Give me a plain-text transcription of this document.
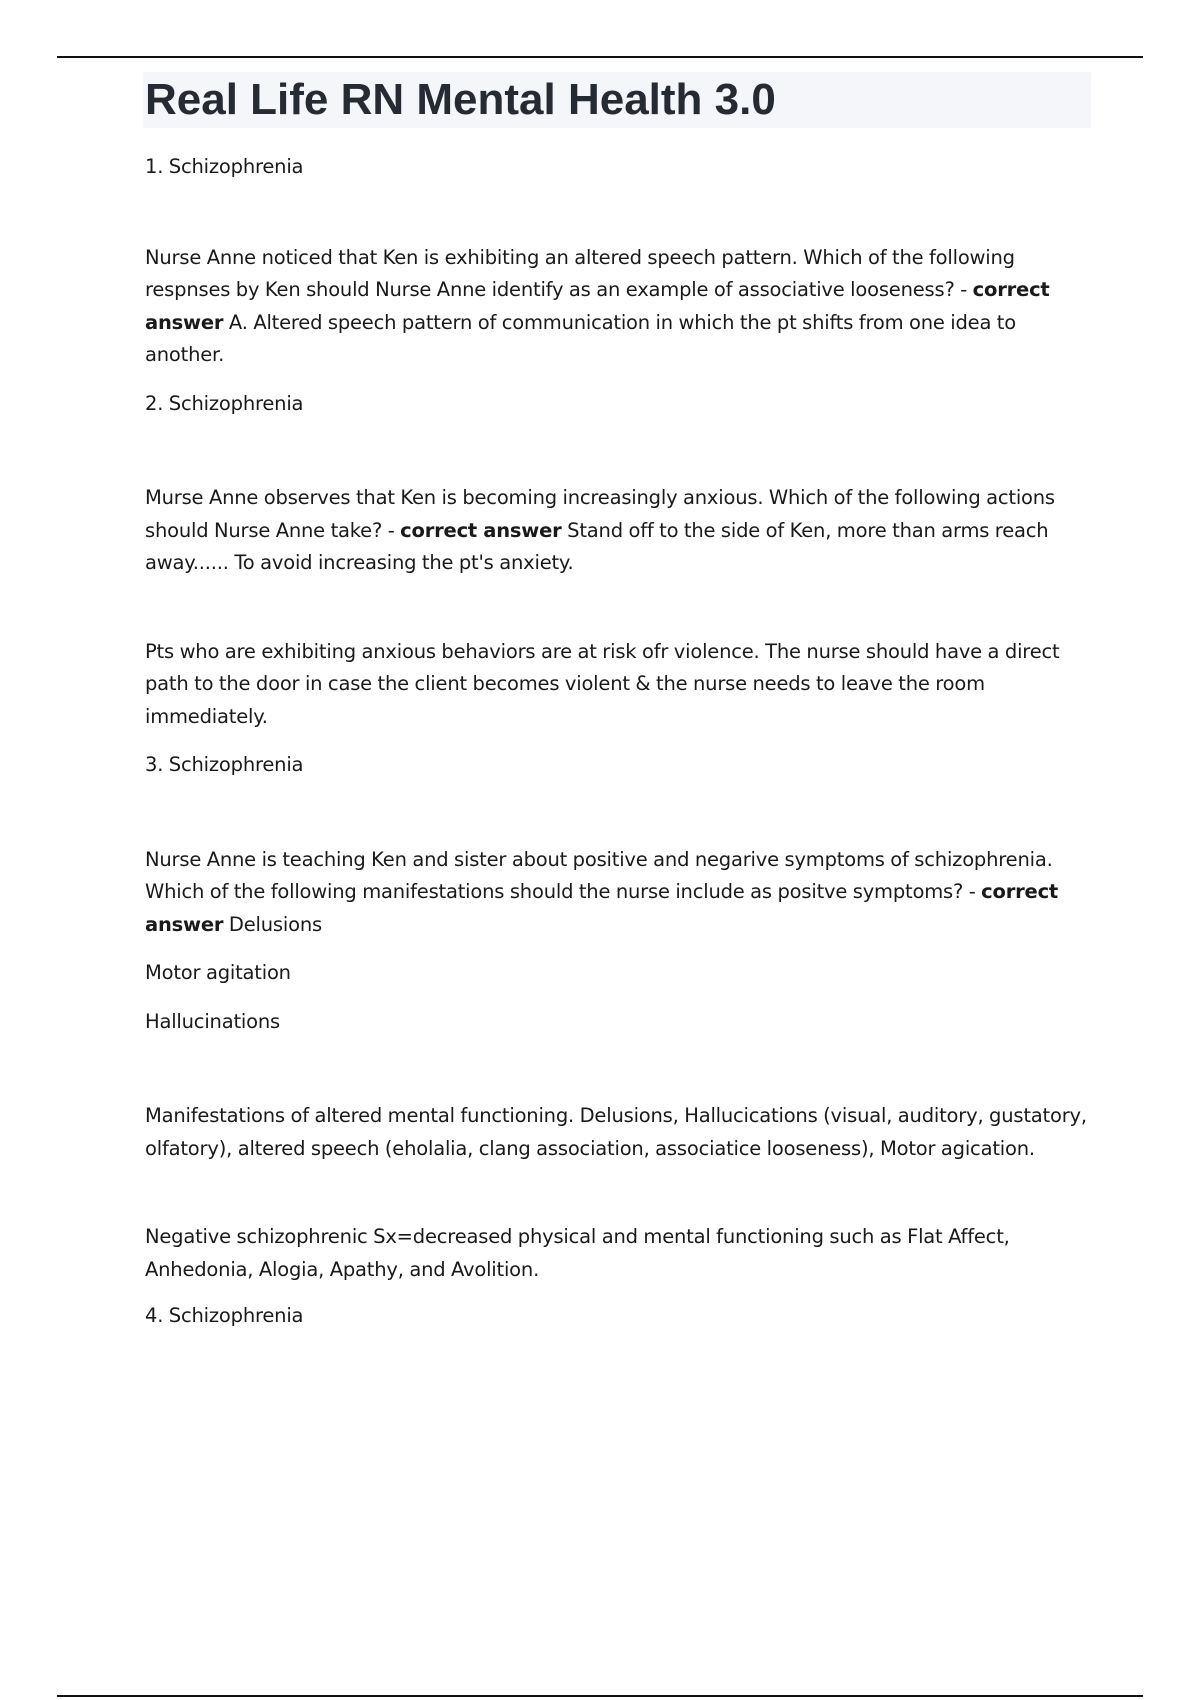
Real Life RN Mental Health 3.0

1. Schizophrenia

Nurse Anne noticed that Ken is exhibiting an altered speech pattern. Which of the following respnses by Ken should Nurse Anne identify as an example of associative looseness? - correct answer A. Altered speech pattern of communication in which the pt shifts from one idea to another.

2. Schizophrenia

Murse Anne observes that Ken is becoming increasingly anxious. Which of the following actions should Nurse Anne take? - correct answer Stand off to the side of Ken, more than arms reach away...... To avoid increasing the pt's anxiety.

Pts who are exhibiting anxious behaviors are at risk ofr violence. The nurse should have a direct path to the door in case the client becomes violent & the nurse needs to leave the room immediately.

3. Schizophrenia

Nurse Anne is teaching Ken and sister about positive and negarive symptoms of schizophrenia. Which of the following manifestations should the nurse include as positve symptoms? - correct answer Delusions

Motor agitation

Hallucinations

Manifestations of altered mental functioning. Delusions, Hallucications (visual, auditory, gustatory, olfatory), altered speech (eholalia, clang association, associatice looseness), Motor agication.

Negative schizophrenic Sx=decreased physical and mental functioning such as Flat Affect, Anhedonia, Alogia, Apathy, and Avolition.

4. Schizophrenia
